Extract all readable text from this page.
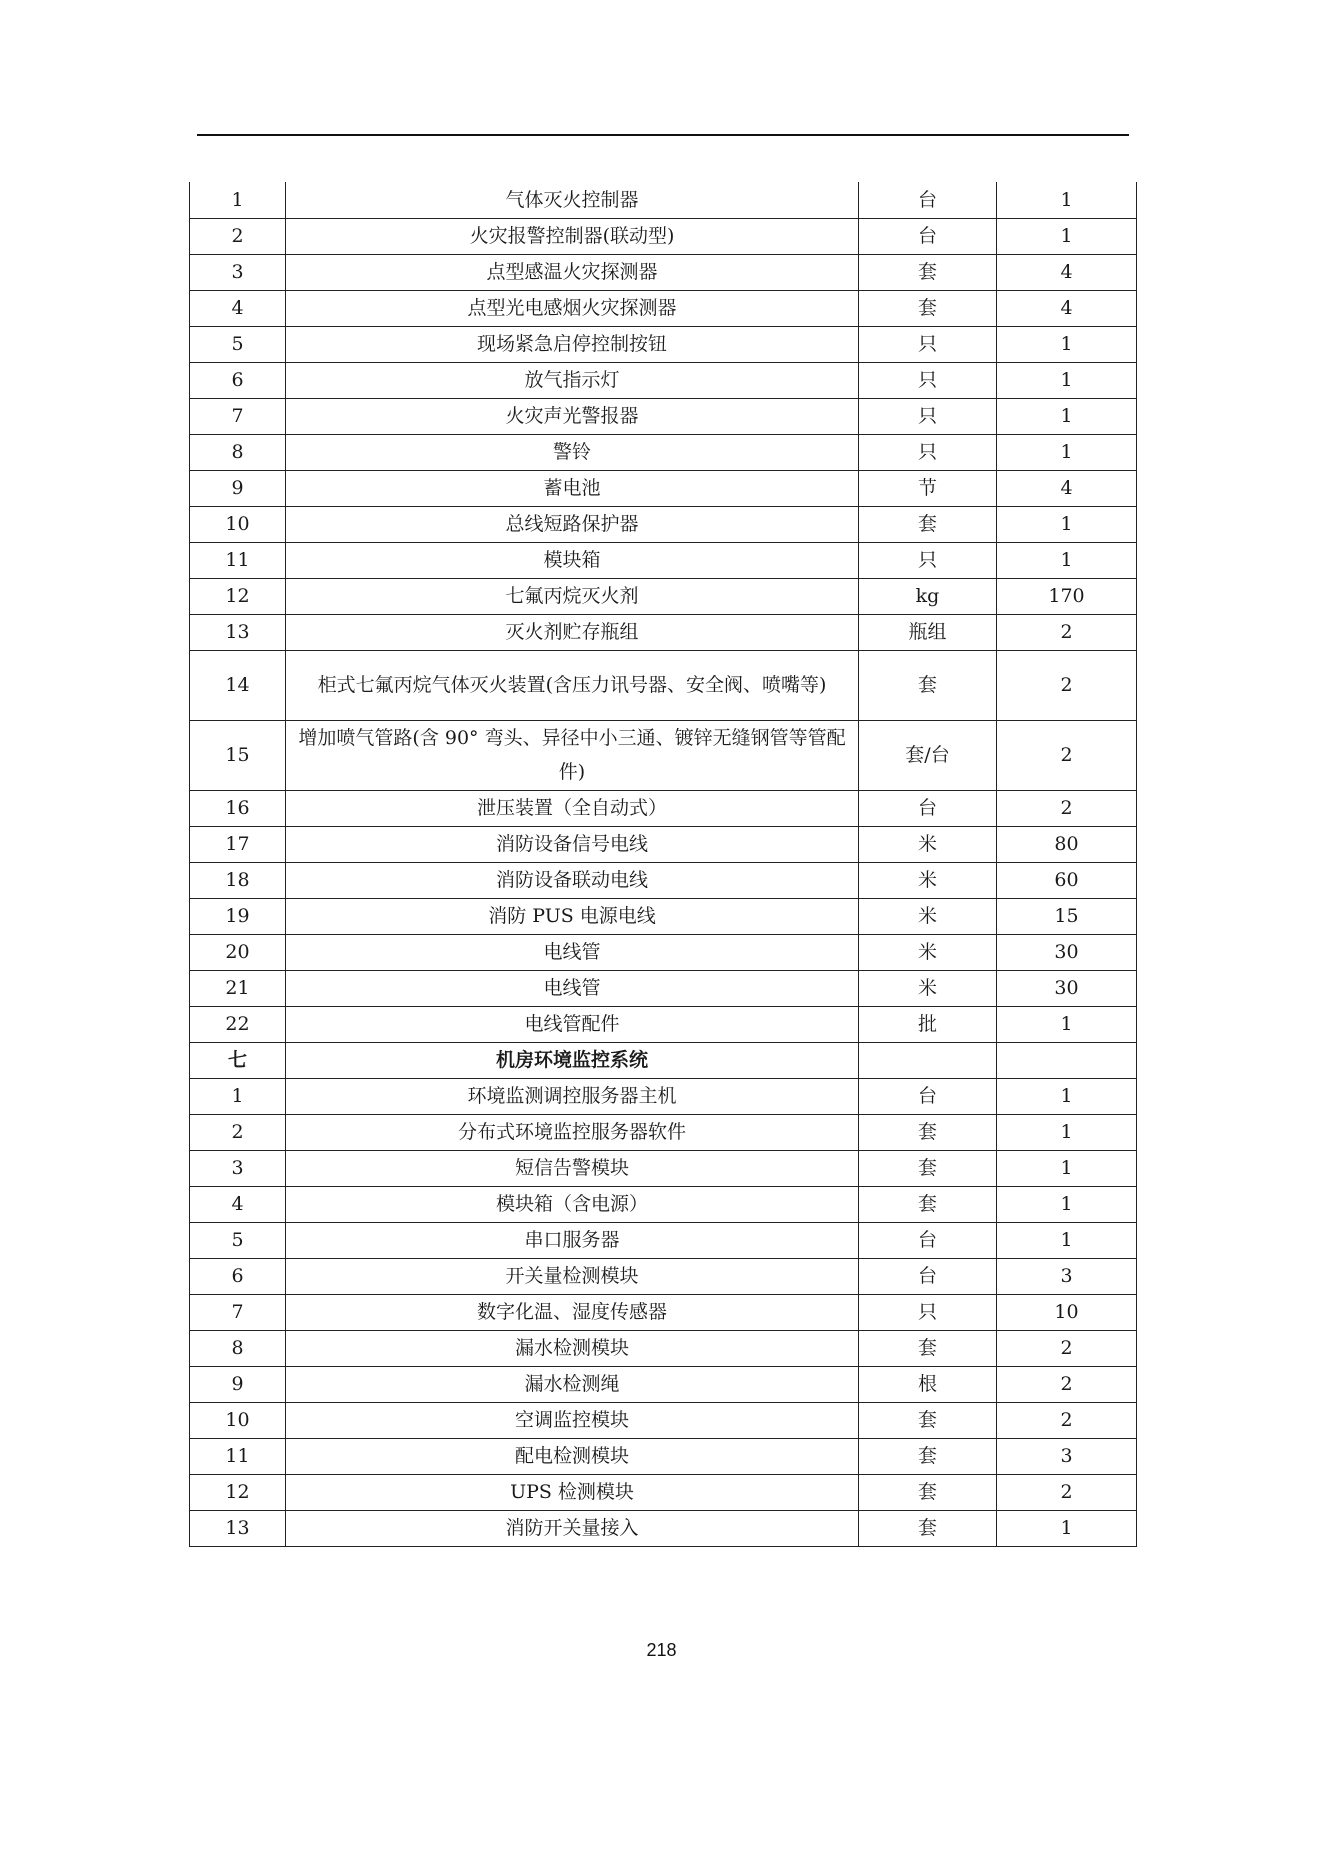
1	气体灭火控制器	台	1
2	火灾报警控制器(联动型)	台	1
3	点型感温火灾探测器	套	4
4	点型光电感烟火灾探测器	套	4
5	现场紧急启停控制按钮	只	1
6	放气指示灯	只	1
7	火灾声光警报器	只	1
8	警铃	只	1
9	蓄电池	节	4
10	总线短路保护器	套	1
11	模块箱	只	1
12	七氟丙烷灭火剂	kg	170
13	灭火剂贮存瓶组	瓶组	2
14	柜式七氟丙烷气体灭火装置(含压力讯号器、安全阀、喷嘴等)	套	2
15	增加喷气管路(含 90° 弯头、异径中小三通、镀锌无缝钢管等管配件)	套/台	2
16	泄压装置（全自动式）	台	2
17	消防设备信号电线	米	80
18	消防设备联动电线	米	60
19	消防 PUS 电源电线	米	15
20	电线管	米	30
21	电线管	米	30
22	电线管配件	批	1
七	机房环境监控系统		
1	环境监测调控服务器主机	台	1
2	分布式环境监控服务器软件	套	1
3	短信告警模块	套	1
4	模块箱（含电源）	套	1
5	串口服务器	台	1
6	开关量检测模块	台	3
7	数字化温、湿度传感器	只	10
8	漏水检测模块	套	2
9	漏水检测绳	根	2
10	空调监控模块	套	2
11	配电检测模块	套	3
12	UPS 检测模块	套	2
13	消防开关量接入	套	1
218
